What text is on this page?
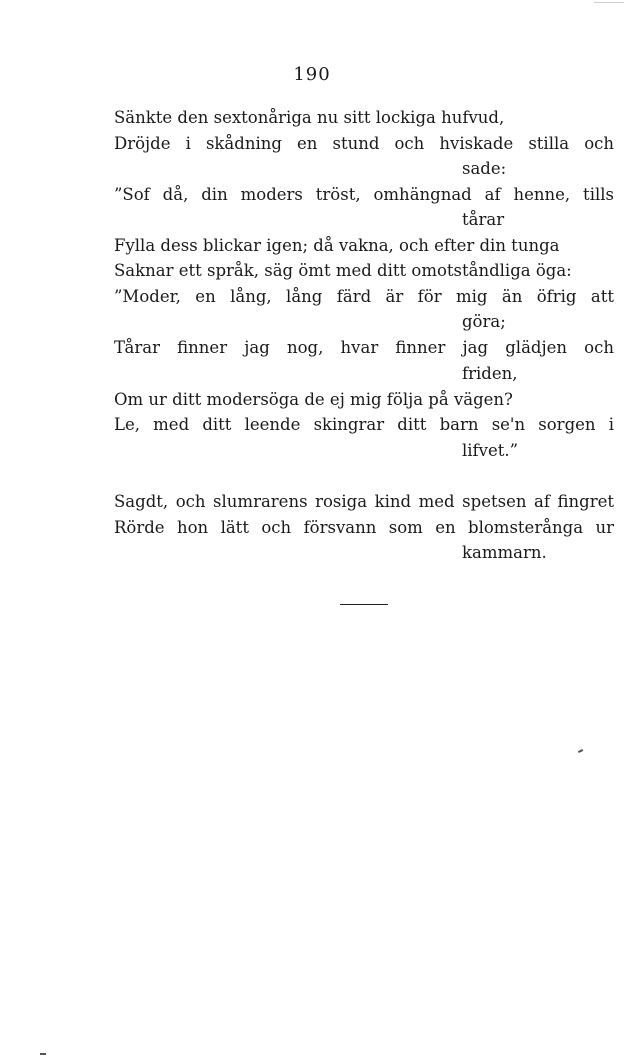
190
Sänkte den sextonåriga nu sitt lockiga hufvud,
Dröjde i skådning en stund och hviskade stilla och
sade:
”Sof då, din moders tröst, omhängnad af henne, tills
tårar
Fylla dess blickar igen; då vakna, och efter din tunga
Saknar ett språk, säg ömt med ditt omotståndliga öga:
”Moder, en lång, lång färd är för mig än öfrig att
göra;
Tårar finner jag nog, hvar finner jag glädjen och
friden,
Om ur ditt modersöga de ej mig följa på vägen?
Le, med ditt leende skingrar ditt barn se'n sorgen i
lifvet.”
Sagdt, och slumrarens rosiga kind med spetsen af fingret
Rörde hon lätt och försvann som en blomsterånga ur
kammarn.
